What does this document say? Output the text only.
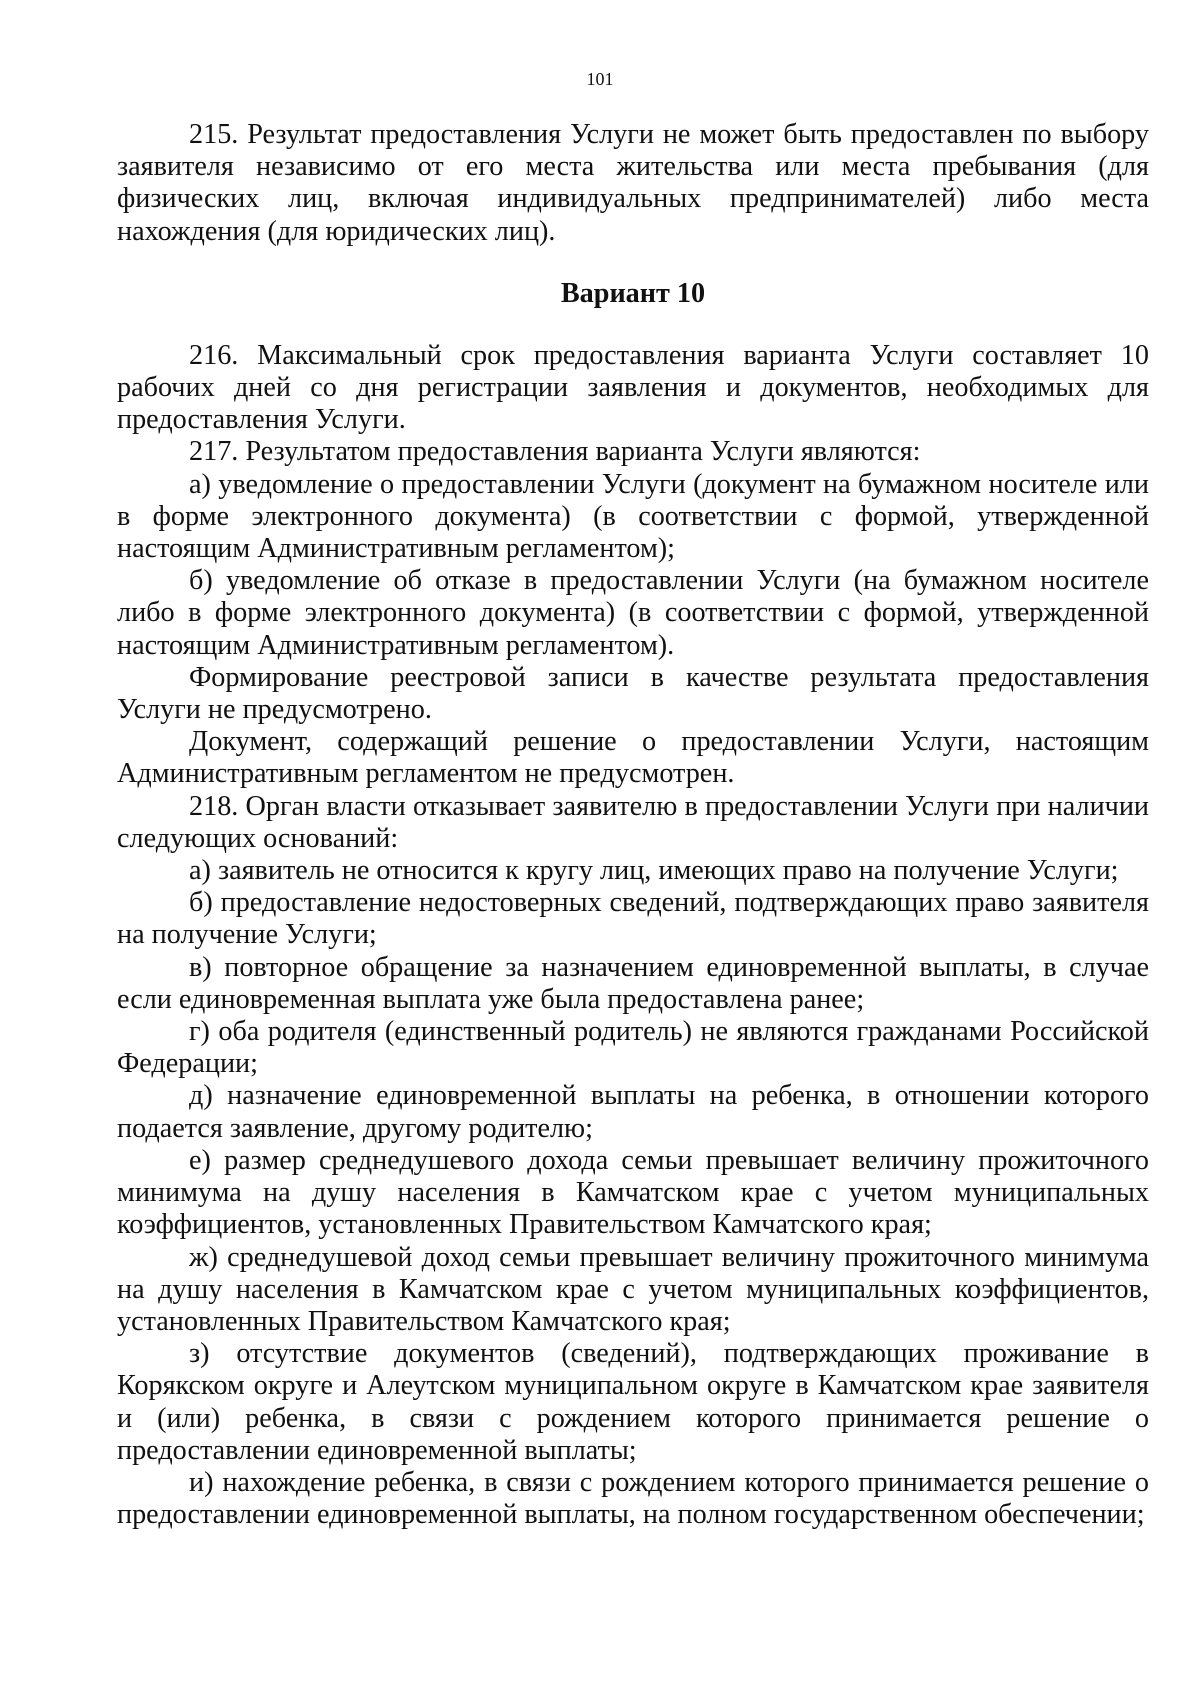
101

215. Результат предоставления Услуги не может быть предоставлен по выбору заявителя независимо от его места жительства или места пребывания (для физических лиц, включая индивидуальных предпринимателей) либо места нахождения (для юридических лиц).

Вариант 10

216. Максимальный срок предоставления варианта Услуги составляет 10 рабочих дней со дня регистрации заявления и документов, необходимых для предоставления Услуги.

217. Результатом предоставления варианта Услуги являются:

а) уведомление о предоставлении Услуги (документ на бумажном носителе или в форме электронного документа) (в соответствии с формой, утвержденной настоящим Административным регламентом);

б) уведомление об отказе в предоставлении Услуги (на бумажном носителе либо в форме электронного документа) (в соответствии с формой, утвержденной настоящим Административным регламентом).

Формирование реестровой записи в качестве результата предоставления Услуги не предусмотрено.

Документ, содержащий решение о предоставлении Услуги, настоящим Административным регламентом не предусмотрен.

218. Орган власти отказывает заявителю в предоставлении Услуги при наличии следующих оснований:

а) заявитель не относится к кругу лиц, имеющих право на получение Услуги;

б) предоставление недостоверных сведений, подтверждающих право заявителя на получение Услуги;

в) повторное обращение за назначением единовременной выплаты, в случае если единовременная выплата уже была предоставлена ранее;

г) оба родителя (единственный родитель) не являются гражданами Российской Федерации;

д) назначение единовременной выплаты на ребенка, в отношении которого подается заявление, другому родителю;

е) размер среднедушевого дохода семьи превышает величину прожиточного минимума на душу населения в Камчатском крае с учетом муниципальных коэффициентов, установленных Правительством Камчатского края;

ж) среднедушевой доход семьи превышает величину прожиточного минимума на душу населения в Камчатском крае с учетом муниципальных коэффициентов, установленных Правительством Камчатского края;

з) отсутствие документов (сведений), подтверждающих проживание в Корякском округе и Алеутском муниципальном округе в Камчатском крае заявителя и (или) ребенка, в связи с рождением которого принимается решение о предоставлении единовременной выплаты;

и) нахождение ребенка, в связи с рождением которого принимается решение о предоставлении единовременной выплаты, на полном государственном обеспечении;
